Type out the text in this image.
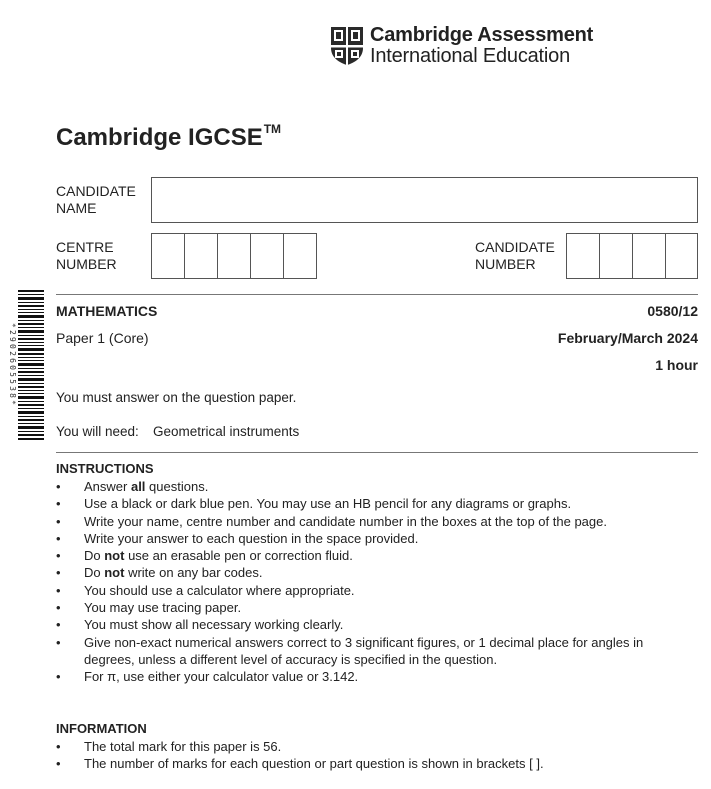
Cambridge Assessment
International Education
Cambridge IGCSE™
CANDIDATE
NAME
CENTRE
NUMBER
CANDIDATE
NUMBER
*2902605538*
MATHEMATICS	0580/12
Paper 1 (Core)	February/March 2024
1 hour
You must answer on the question paper.
You will need: Geometrical instruments
INSTRUCTIONS
• Answer all questions.
• Use a black or dark blue pen. You may use an HB pencil for any diagrams or graphs.
• Write your name, centre number and candidate number in the boxes at the top of the page.
• Write your answer to each question in the space provided.
• Do not use an erasable pen or correction fluid.
• Do not write on any bar codes.
• You should use a calculator where appropriate.
• You may use tracing paper.
• You must show all necessary working clearly.
• Give non-exact numerical answers correct to 3 significant figures, or 1 decimal place for angles in degrees, unless a different level of accuracy is specified in the question.
• For π, use either your calculator value or 3.142.
INFORMATION
• The total mark for this paper is 56.
• The number of marks for each question or part question is shown in brackets [ ].
